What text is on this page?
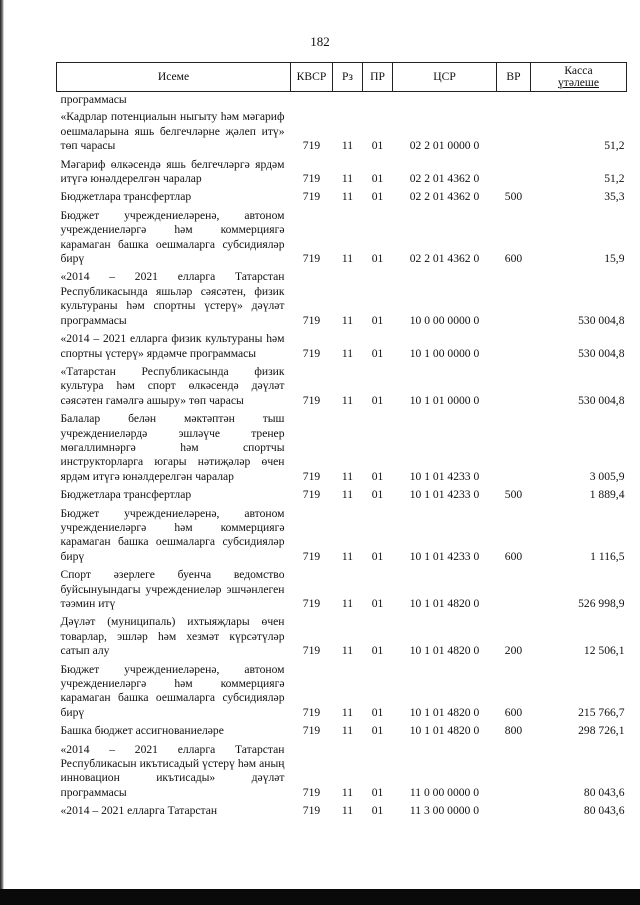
182
Исеме	КВСР	Рз	ПР	ЦСР	ВР	Касса
үтәлеше

программасы						
«Кадрлар потенциалын ныгыту һәм мәгариф оешмаларына яшь белгечләрне җәлеп итү» төп чарасы	719	11	01	02 2 01 0000 0		51,2
Мәгариф өлкәсендә яшь белгечләргә ярдәм итүгә юнәлдерелгән чаралар	719	11	01	02 2 01 4362 0		51,2
Бюджетлара трансфертлар	719	11	01	02 2 01 4362 0	500	35,3
Бюджет учреждениеләренә, автоном учреждениеләргә һәм коммерциягә карамаган башка оешмаларга субсидияләр бирү	719	11	01	02 2 01 4362 0	600	15,9
«2014 – 2021 елларга Татарстан Республикасында яшьләр сәясәтен, физик культураны һәм спортны үстерү» дәүләт программасы	719	11	01	10 0 00 0000 0		530 004,8
«2014 – 2021 елларга физик культураны һәм спортны үстерү» ярдәмче программасы	719	11	01	10 1 00 0000 0		530 004,8
«Татарстан Республикасында физик культура һәм спорт өлкәсендә дәүләт сәясәтен гамәлгә ашыру» төп чарасы	719	11	01	10 1 01 0000 0		530 004,8
Балалар белән мәктәптән тыш учреждениеләрдә эшләүче тренер мөгаллимнәргә һәм спортчы инструкторларга югары нәтиҗәләр өчен ярдәм итүгә юнәлдерелгән чаралар	719	11	01	10 1 01 4233 0		3 005,9
Бюджетлара трансфертлар	719	11	01	10 1 01 4233 0	500	1 889,4
Бюджет учреждениеләренә, автоном учреждениеләргә һәм коммерциягә карамаган башка оешмаларга субсидияләр бирү	719	11	01	10 1 01 4233 0	600	1 116,5
Спорт әзерлеге буенча ведомство буйсынуындагы учреждениеләр эшчәнлеген тәэмин итү	719	11	01	10 1 01 4820 0		526 998,9
Дәүләт (муниципаль) ихтыяҗлары өчен товарлар, эшләр һәм хезмәт күрсәтүләр сатып алу	719	11	01	10 1 01 4820 0	200	12 506,1
Бюджет учреждениеләренә, автоном учреждениеләргә һәм коммерциягә карамаган башка оешмаларга субсидияләр бирү	719	11	01	10 1 01 4820 0	600	215 766,7
Башка бюджет ассигнованиеләре	719	11	01	10 1 01 4820 0	800	298 726,1
«2014 – 2021 елларга Татарстан Республикасын икътисадый үстерү һәм аның инновацион икътисады» дәүләт программасы	719	11	01	11 0 00 0000 0		80 043,6
«2014 – 2021 елларга Татарстан	719	11	01	11 3 00 0000 0		80 043,6
